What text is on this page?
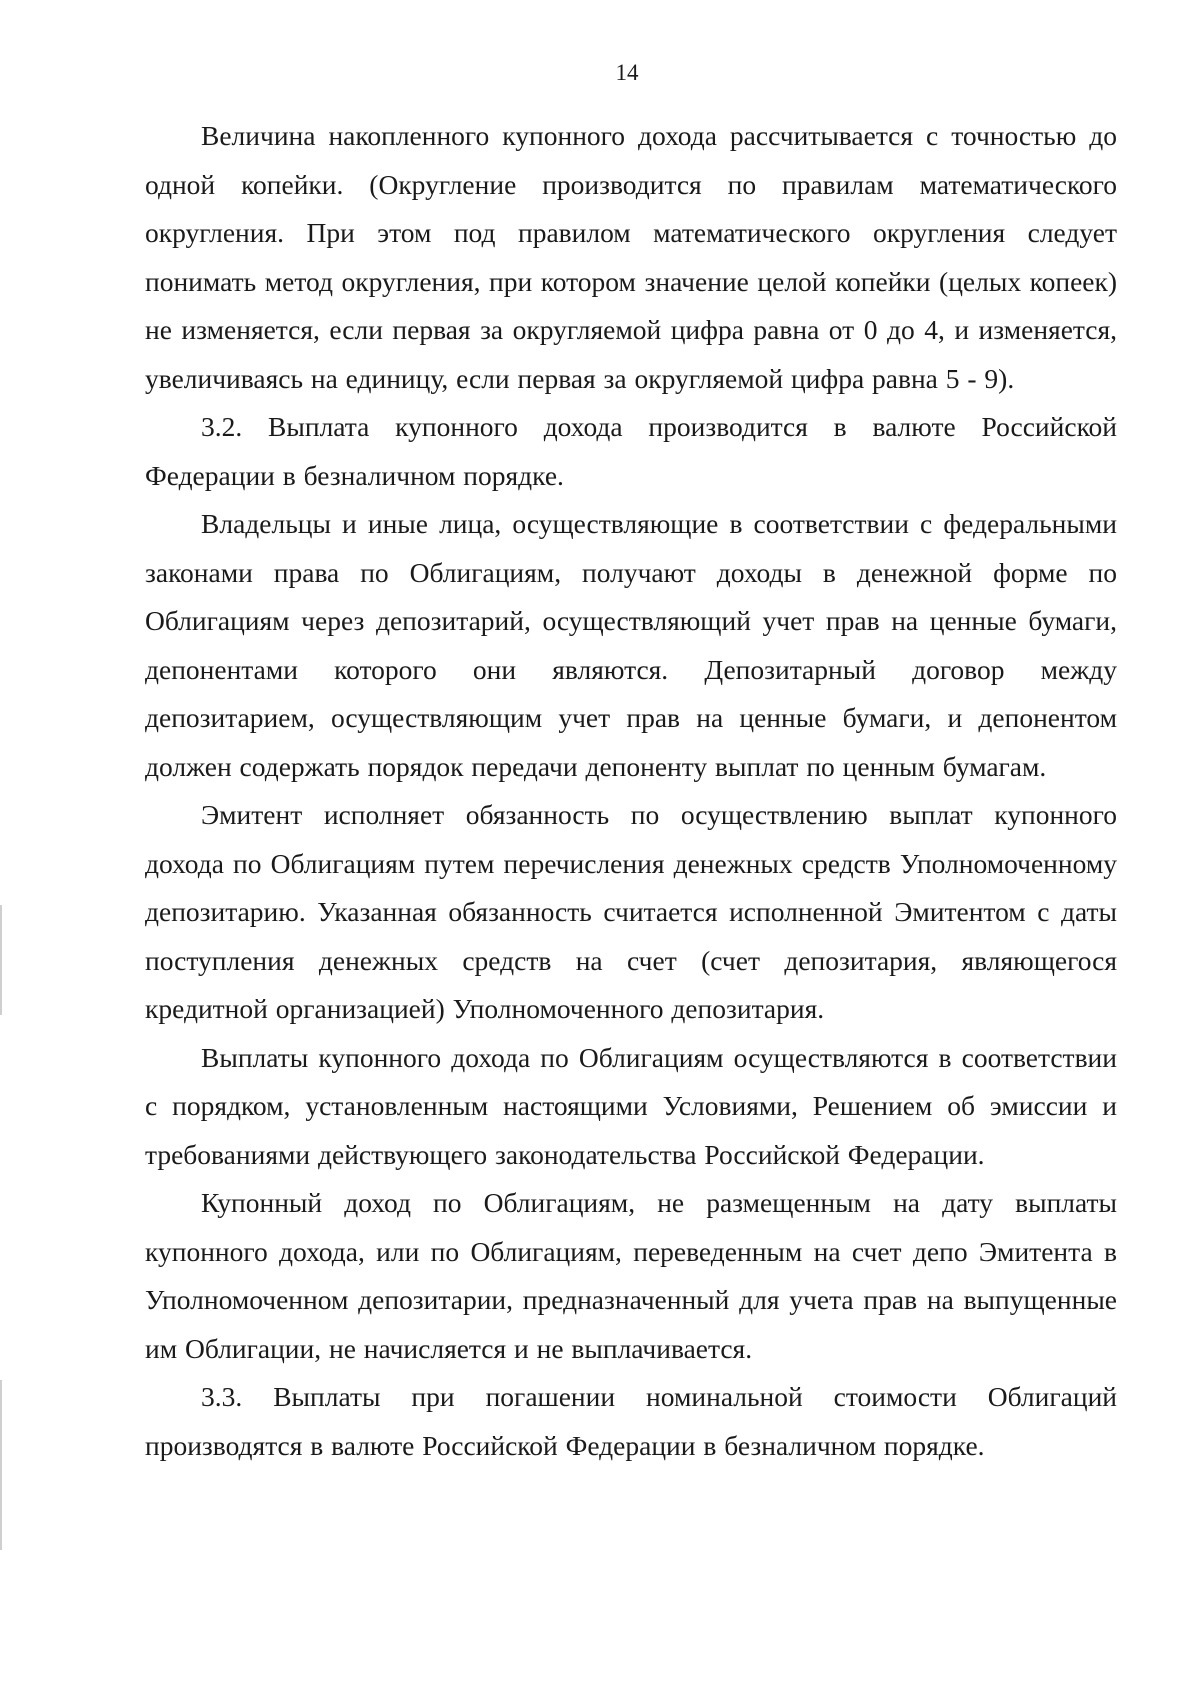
14

Величина накопленного купонного дохода рассчитывается с точностью до одной копейки. (Округление производится по правилам математического округления. При этом под правилом математического округления следует понимать метод округления, при котором значение целой копейки (целых копеек) не изменяется, если первая за округляемой цифра равна от 0 до 4, и изменяется, увеличиваясь на единицу, если первая за округляемой цифра равна 5 - 9).

3.2. Выплата купонного дохода производится в валюте Российской Федерации в безналичном порядке.

Владельцы и иные лица, осуществляющие в соответствии с федеральными законами права по Облигациям, получают доходы в денежной форме по Облигациям через депозитарий, осуществляющий учет прав на ценные бумаги, депонентами которого они являются. Депозитарный договор между депозитарием, осуществляющим учет прав на ценные бумаги, и депонентом должен содержать порядок передачи депоненту выплат по ценным бумагам.

Эмитент исполняет обязанность по осуществлению выплат купонного дохода по Облигациям путем перечисления денежных средств Уполномоченному депозитарию. Указанная обязанность считается исполненной Эмитентом с даты поступления денежных средств на счет (счет депозитария, являющегося кредитной организацией) Уполномоченного депозитария.

Выплаты купонного дохода по Облигациям осуществляются в соответствии с порядком, установленным настоящими Условиями, Решением об эмиссии и требованиями действующего законодательства Российской Федерации.

Купонный доход по Облигациям, не размещенным на дату выплаты купонного дохода, или по Облигациям, переведенным на счет депо Эмитента в Уполномоченном депозитарии, предназначенный для учета прав на выпущенные им Облигации, не начисляется и не выплачивается.

3.3. Выплаты при погашении номинальной стоимости Облигаций производятся в валюте Российской Федерации в безналичном порядке.
